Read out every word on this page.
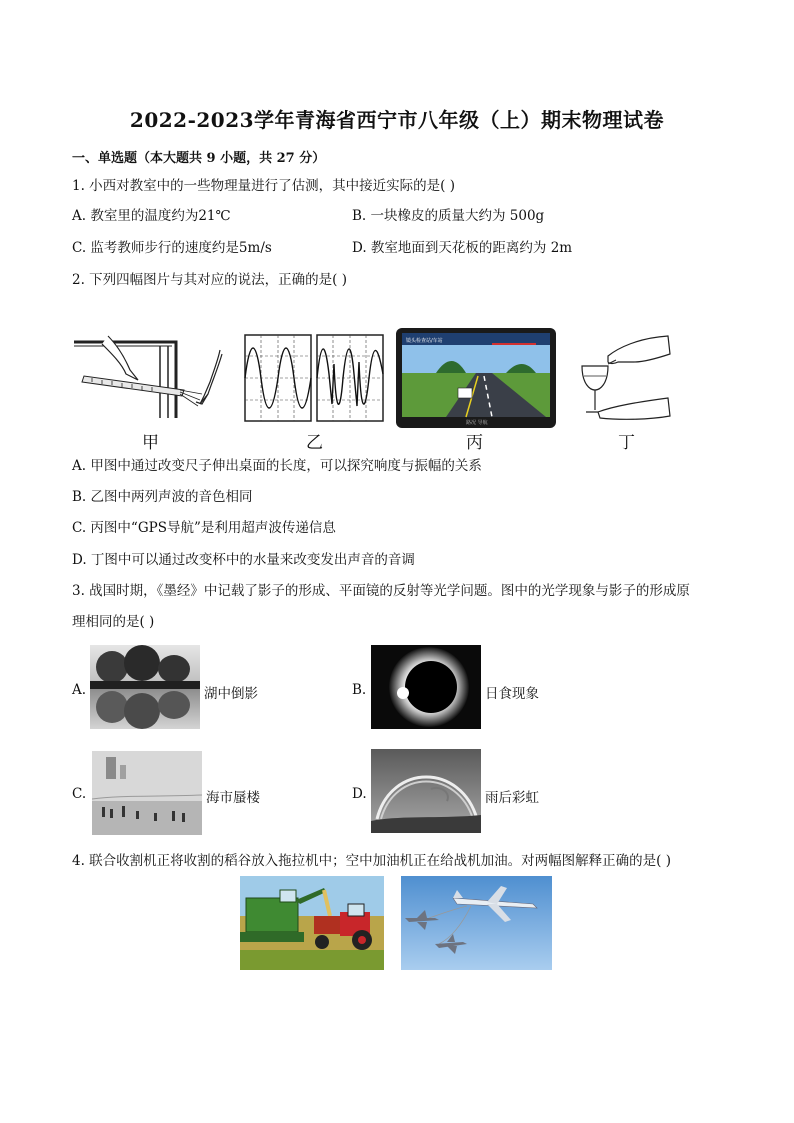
2022-2023学年青海省西宁市八年级（上）期末物理试卷
一、单选题（本大题共 9 小题，共 27 分）
1. 小西对教室中的一些物理量进行了估测，其中接近实际的是( )
A. 教室里的温度约为21℃	B. 一块橡皮的质量大约为 500g
C. 监考教师步行的速度约是5m/s	D. 教室地面到天花板的距离约为 2m
2. 下列四幅图片与其对应的说法，正确的是( )
甲	乙
镜头检查站/车站
路况 导航
丙	丁
A. 甲图中通过改变尺子伸出桌面的长度，可以探究响度与振幅的关系
B. 乙图中两列声波的音色相同
C. 丙图中“GPS导航”是利用超声波传递信息
D. 丁图中可以通过改变杯中的水量来改变发出声音的音调
3. 战国时期，《墨经》中记载了影子的形成、平面镜的反射等光学问题。图中的光学现象与影子的形成原
理相同的是( )
A.	湖中倒影	B.	日食现象
C.	海市蜃楼	D.	雨后彩虹
4. 联合收割机正将收割的稻谷放入拖拉机中；空中加油机正在给战机加油。对两幅图解释正确的是( )
